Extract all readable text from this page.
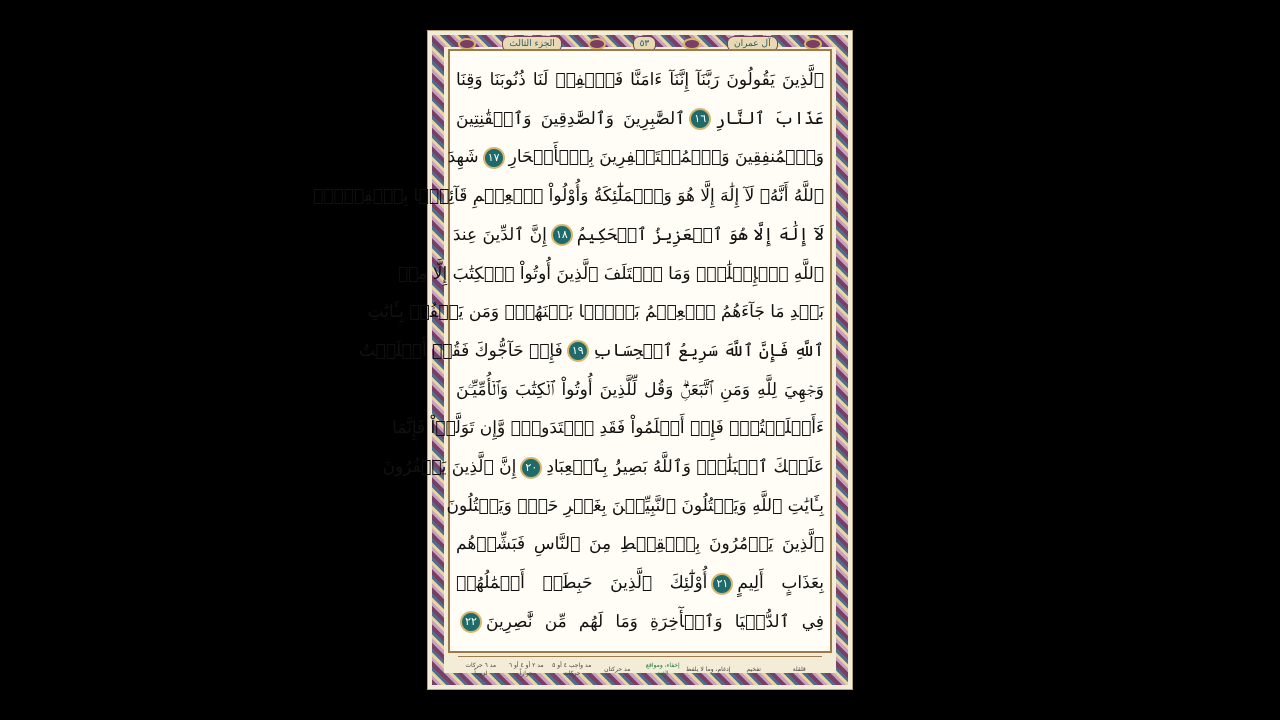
الجزء الثالث	٥٣	آل عمران
ٱلَّذِينَ يَقُولُونَ رَبَّنَآ إِنَّنَآ ءَامَنَّا فَٱغۡفِرۡ لَنَا ذُنُوبَنَا وَقِنَا
عَذَابَ ٱلنَّارِ١٦ٱلصَّٰبِرِينَ وَٱلصَّٰدِقِينَ وَٱلۡقَٰنِتِينَ
وَٱلۡمُنفِقِينَ وَٱلۡمُسۡتَغۡفِرِينَ بِٱلۡأَسۡحَارِ١٧شَهِدَ
ٱللَّهُ أَنَّهُۥ لَآ إِلَٰهَ إِلَّا هُوَ وَٱلۡمَلَٰٓئِكَةُ وَأُوْلُواْ ٱلۡعِلۡمِ قَآئِمَۢا بِٱلۡقِسۡطِۚ
لَآ إِلَٰهَ إِلَّا هُوَ ٱلۡعَزِيزُ ٱلۡحَكِيمُ١٨إِنَّ ٱلدِّينَ عِندَ
ٱللَّهِ ٱلۡإِسۡلَٰمُۗ وَمَا ٱخۡتَلَفَ ٱلَّذِينَ أُوتُواْ ٱلۡكِتَٰبَ إِلَّا مِنۢ
بَعۡدِ مَا جَآءَهُمُ ٱلۡعِلۡمُ بَغۡيَۢا بَيۡنَهُمۡۗ وَمَن يَكۡفُرۡ بِـَٔايَٰتِ
ٱللَّهِ فَإِنَّ ٱللَّهَ سَرِيعُ ٱلۡحِسَابِ١٩فَإِنۡ حَآجُّوكَ فَقُلۡ أَسۡلَمۡتُ
وَجۡهِيَ لِلَّهِ وَمَنِ ٱتَّبَعَنِۗ وَقُل لِّلَّذِينَ أُوتُواْ ٱلۡكِتَٰبَ وَٱلۡأُمِّيِّـۧنَ
ءَأَسۡلَمۡتُمۡۚ فَإِنۡ أَسۡلَمُواْ فَقَدِ ٱهۡتَدَواْۖ وَّإِن تَوَلَّوۡاْ فَإِنَّمَا
عَلَيۡكَ ٱلۡبَلَٰغُۗ وَٱللَّهُ بَصِيرُۢ بِٱلۡعِبَادِ٢٠إِنَّ ٱلَّذِينَ يَكۡفُرُونَ
بِـَٔايَٰتِ ٱللَّهِ وَيَقۡتُلُونَ ٱلنَّبِيِّـۧنَ بِغَيۡرِ حَقّٖ وَيَقۡتُلُونَ
ٱلَّذِينَ يَأۡمُرُونَ بِٱلۡقِسۡطِ مِنَ ٱلنَّاسِ فَبَشِّرۡهُم
بِعَذَابٍ أَلِيمٍ٢١أُوْلَٰٓئِكَ ٱلَّذِينَ حَبِطَتۡ أَعۡمَٰلُهُمۡ
فِي ٱلدُّنۡيَا وَٱلۡأٓخِرَةِ وَمَا لَهُم مِّن نَّٰصِرِينَ٢٢
مد ٦ حركات لزوماً
مد ٢ أو ٤ أو ٦ جوازاً
مد واجب ٤ أو ٥ حركات
مد حركتان
إخفاء، ومواقع الغنة
إدغام، وما لا يلفظ	تفخيم	قلقلة
